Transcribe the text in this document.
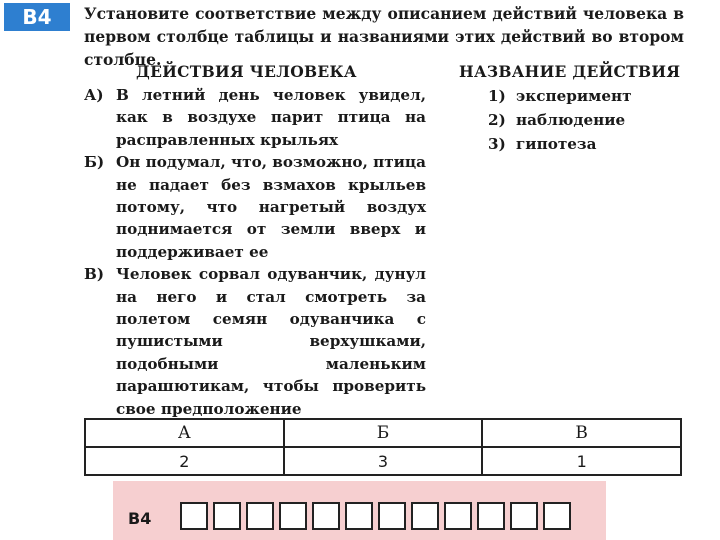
В4	Установите соответствие между описанием действий человека в первом столбце таблицы и названиями этих действий во втором столбце.
ДЕЙСТВИЯ ЧЕЛОВЕКА	НАЗВАНИЕ ДЕЙСТВИЯ
А) В летний день человек увидел, как в воздухе парит птица на расправленных крыльях
Б) Он подумал, что, возможно, птица не падает без взмахов крыльев потому, что нагретый воздух поднимается от земли вверх и поддерживает ее
В) Человек сорвал одуванчик, дунул на него и стал смотреть за полетом семян одуванчика с пушистыми верхушками, подобными маленьким парашютикам, чтобы проверить свое предположение
1) эксперимент
2) наблюдение
3) гипотеза
А	Б	В
2	3	1
В4
